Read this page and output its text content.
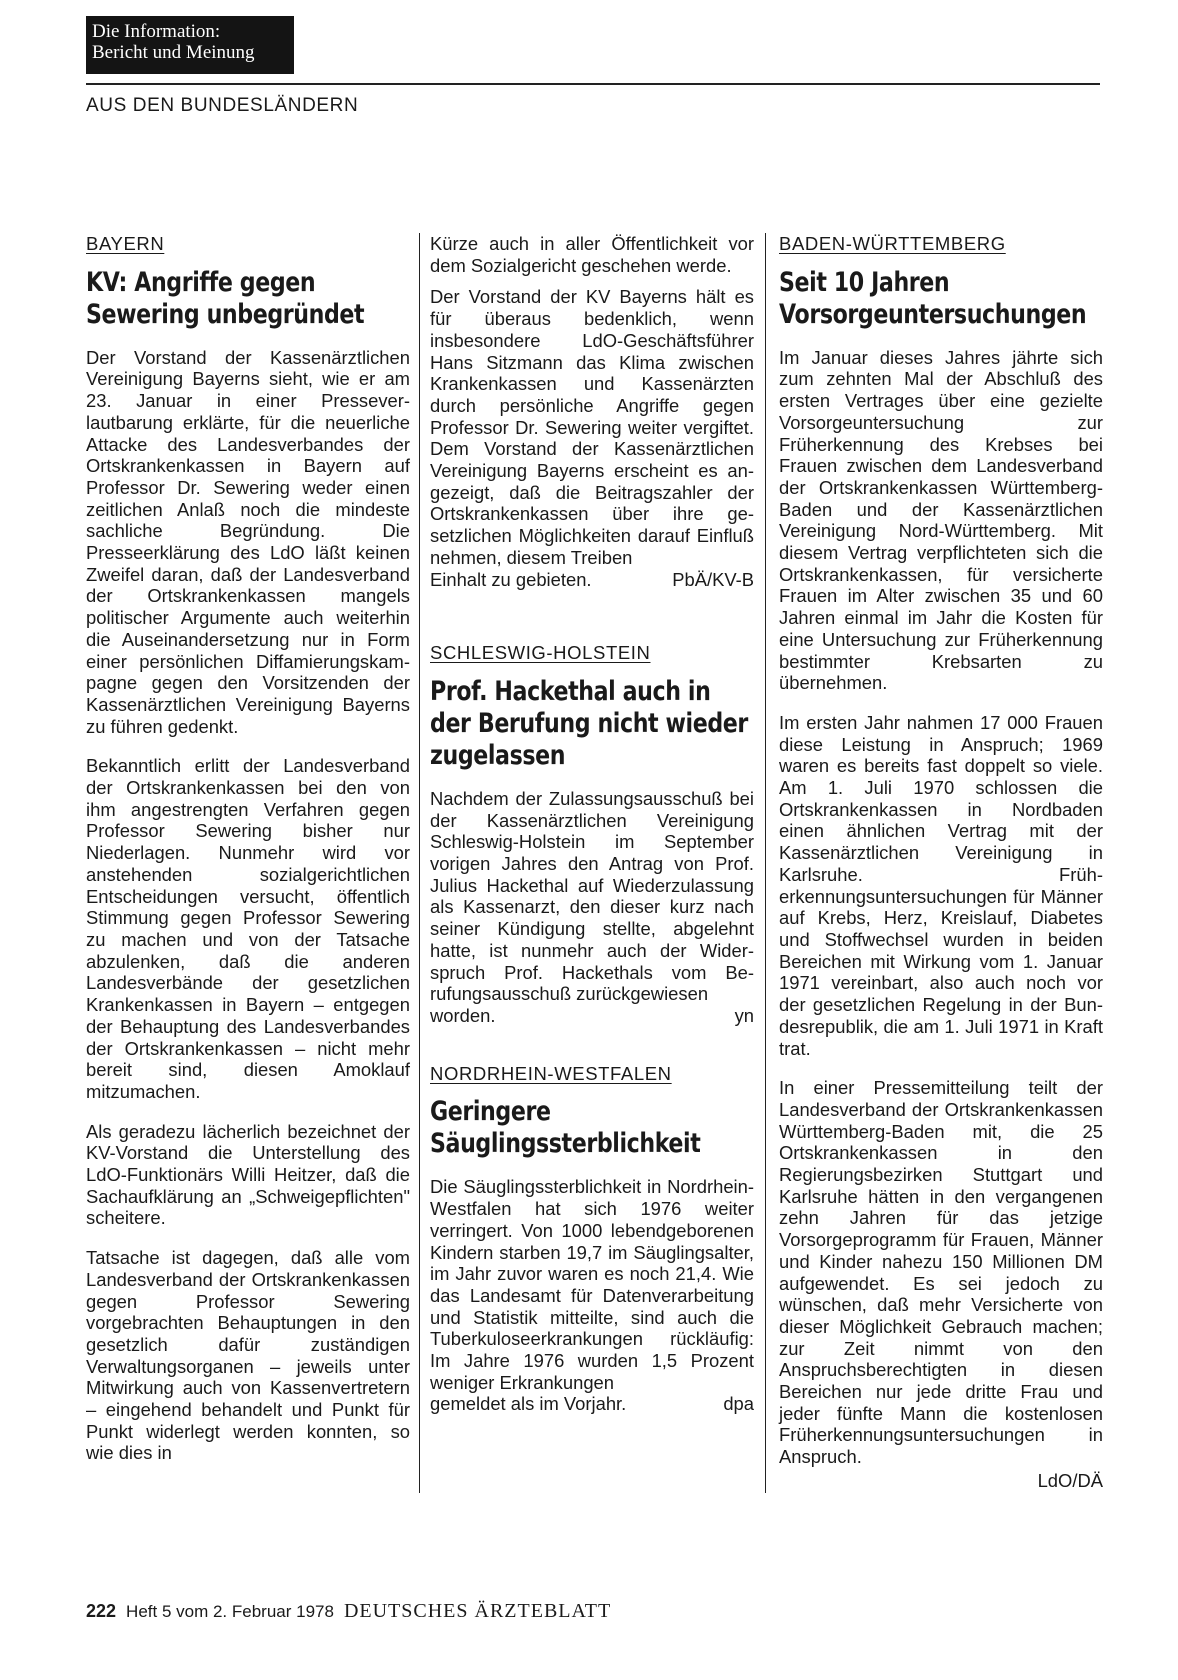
Die Information:
Bericht und Meinung
AUS DEN BUNDESLÄNDERN
BAYERN
KV: Angriffe gegen Sewering unbegründet

Der Vorstand der Kassenärztlichen Vereinigung Bayerns sieht, wie er am 23. Januar in einer Presseverlautbarung erklärte, für die neuerliche Attacke des Landesverbandes der Ortskrankenkassen in Bayern auf Professor Dr. Sewering weder einen zeitlichen Anlaß noch die mindeste sachliche Begründung. Die Presseerklärung des LdO läßt keinen Zweifel daran, daß der Landesverband der Ortskrankenkassen mangels politischer Argumente auch weiterhin die Auseinandersetzung nur in Form einer persönlichen Diffamierungskampagne gegen den Vorsitzenden der Kassenärztlichen Vereinigung Bayerns zu führen gedenkt.

Bekanntlich erlitt der Landesverband der Ortskrankenkassen bei den von ihm angestrengten Verfahren gegen Professor Sewering bisher nur Niederlagen. Nunmehr wird vor anstehenden sozialgerichtlichen Entscheidungen versucht, öffentlich Stimmung gegen Professor Sewering zu machen und von der Tatsache abzulenken, daß die anderen Landesverbände der gesetzlichen Krankenkassen in Bayern – entgegen der Behauptung des Landesverbandes der Ortskrankenkassen – nicht mehr bereit sind, diesen Amoklauf mitzumachen.

Als geradezu lächerlich bezeichnet der KV-Vorstand die Unterstellung des LdO-Funktionärs Willi Heitzer, daß die Sachaufklärung an „Schweigepflichten" scheitere.

Tatsache ist dagegen, daß alle vom Landesverband der Ortskrankenkassen gegen Professor Sewering vorgebrachten Behauptungen in den gesetzlich dafür zuständigen Verwaltungsorganen – jeweils unter Mitwirkung auch von Kassenvertretern – eingehend behandelt und Punkt für Punkt widerlegt werden konnten, so wie dies in

Kürze auch in aller Öffentlichkeit vor dem Sozialgericht geschehen werde.

Der Vorstand der KV Bayerns hält es für überaus bedenklich, wenn insbesondere LdO-Geschäftsführer Hans Sitzmann das Klima zwischen Krankenkassen und Kassenärzten durch persönliche Angriffe gegen Professor Dr. Sewering weiter vergiftet. Dem Vorstand der Kassenärztlichen Vereinigung Bayerns erscheint es angezeigt, daß die Beitragszahler der Ortskrankenkassen über ihre gesetzlichen Möglichkeiten darauf Einfluß nehmen, diesem Treiben

Einhalt zu gebieten.	PbÄ/KV-B
SCHLESWIG-HOLSTEIN
Prof. Hackethal auch in der Berufung nicht wieder zugelassen

Nachdem der Zulassungsausschuß bei der Kassenärztlichen Vereinigung Schleswig-Holstein im September vorigen Jahres den Antrag von Prof. Julius Hackethal auf Wiederzulassung als Kassenarzt, den dieser kurz nach seiner Kündigung stellte, abgelehnt hatte, ist nunmehr auch der Widerspruch Prof. Hackethals vom Berufungsausschuß zurückgewiesen

worden.	yn
NORDRHEIN-WESTFALEN
Geringere Säuglingssterblichkeit

Die Säuglingssterblichkeit in Nordrhein-Westfalen hat sich 1976 weiter verringert. Von 1000 lebendgeborenen Kindern starben 19,7 im Säuglingsalter, im Jahr zuvor waren es noch 21,4. Wie das Landesamt für Datenverarbeitung und Statistik mitteilte, sind auch die Tuberkuloseerkrankungen rückläufig: Im Jahre 1976 wurden 1,5 Prozent weniger Erkrankungen

gemeldet als im Vorjahr.	dpa
BADEN-WÜRTTEMBERG
Seit 10 Jahren Vorsorgeuntersuchungen

Im Januar dieses Jahres jährte sich zum zehnten Mal der Abschluß des ersten Vertrages über eine gezielte Vorsorgeuntersuchung zur Früherkennung des Krebses bei Frauen zwischen dem Landesverband der Ortskrankenkassen Württemberg-Baden und der Kassenärztlichen Vereinigung Nord-Württemberg. Mit diesem Vertrag verpflichteten sich die Ortskrankenkassen, für versicherte Frauen im Alter zwischen 35 und 60 Jahren einmal im Jahr die Kosten für eine Untersuchung zur Früherkennung bestimmter Krebsarten zu übernehmen.

Im ersten Jahr nahmen 17 000 Frauen diese Leistung in Anspruch; 1969 waren es bereits fast doppelt so viele. Am 1. Juli 1970 schlossen die Ortskrankenkassen in Nordbaden einen ähnlichen Vertrag mit der Kassenärztlichen Vereinigung in Karlsruhe. Früherkennungsuntersuchungen für Männer auf Krebs, Herz, Kreislauf, Diabetes und Stoffwechsel wurden in beiden Bereichen mit Wirkung vom 1. Januar 1971 vereinbart, also auch noch vor der gesetzlichen Regelung in der Bundesrepublik, die am 1. Juli 1971 in Kraft trat.

In einer Pressemitteilung teilt der Landesverband der Ortskrankenkassen Württemberg-Baden mit, die 25 Ortskrankenkassen in den Regierungsbezirken Stuttgart und Karlsruhe hätten in den vergangenen zehn Jahren für das jetzige Vorsorgeprogramm für Frauen, Männer und Kinder nahezu 150 Millionen DM aufgewendet. Es sei jedoch zu wünschen, daß mehr Versicherte von dieser Möglichkeit Gebrauch machen; zur Zeit nimmt von den Anspruchsberechtigten in diesen Bereichen nur jede dritte Frau und jeder fünfte Mann die kostenlosen Früherkennungsuntersuchungen in Anspruch.

LdO/DÄ
222 Heft 5 vom 2. Februar 1978 DEUTSCHES ÄRZTEBLATT
